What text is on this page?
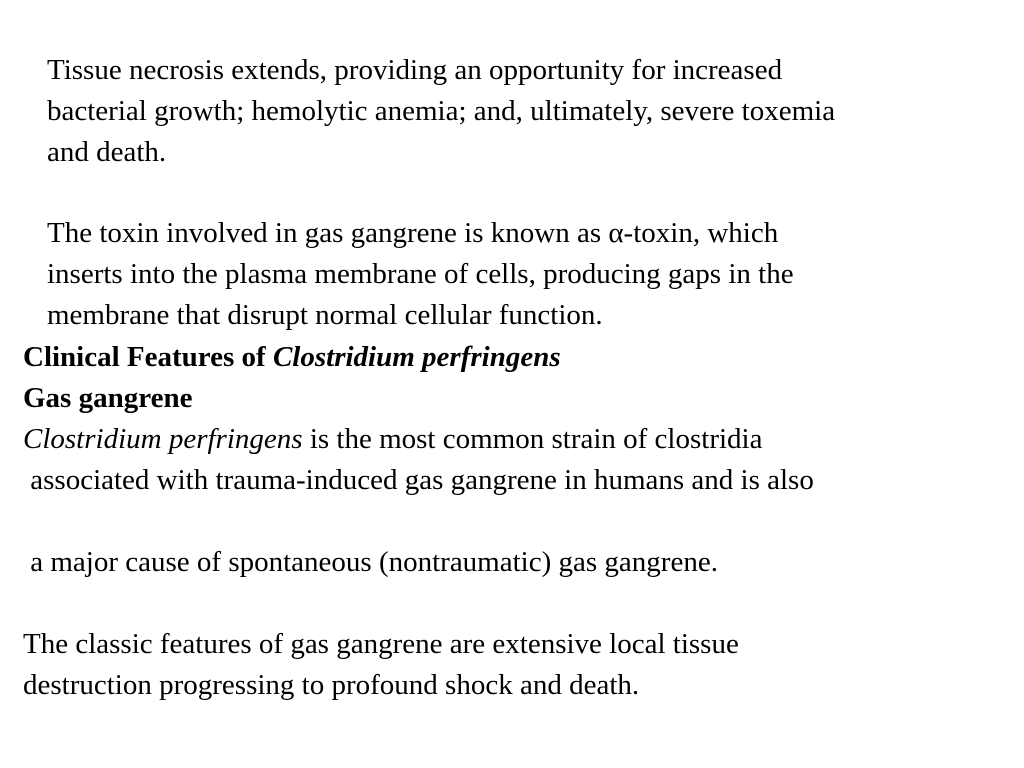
Tissue necrosis extends, providing an opportunity for increased

bacterial growth; hemolytic anemia; and, ultimately, severe toxemia

and death.

The toxin involved in gas gangrene is known as α-toxin, which

inserts into the plasma membrane of cells, producing gaps in the

membrane that disrupt normal cellular function.

Clinical Features of Clostridium perfringens

Gas gangrene

Clostridium perfringens is the most common strain of clostridia

associated with trauma-induced gas gangrene in humans and is also

a major cause of spontaneous (nontraumatic) gas gangrene.

The classic features of gas gangrene are extensive local tissue

destruction progressing to profound shock and death.
